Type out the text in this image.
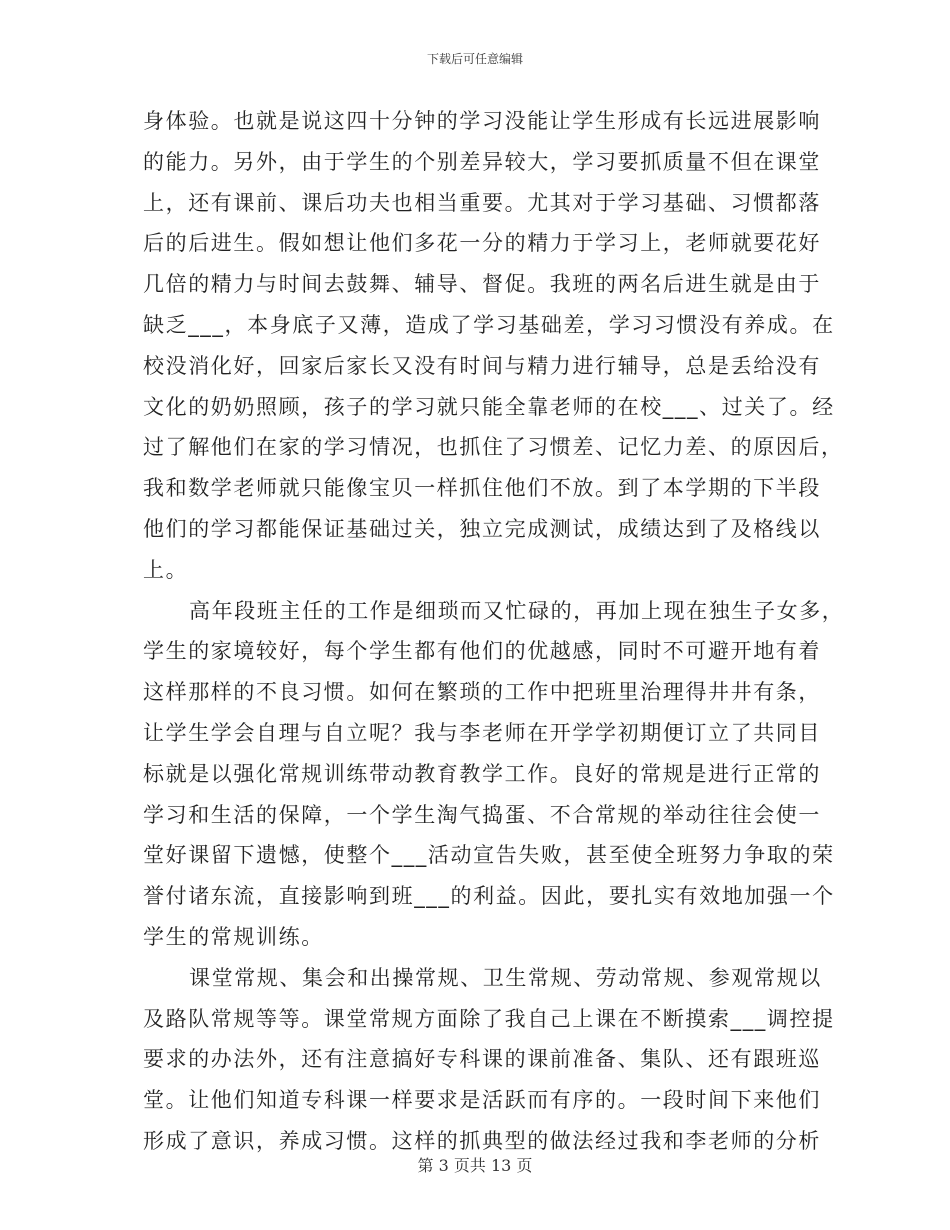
下载后可任意编辑
身体验。也就是说这四十分钟的学习没能让学生形成有长远进展影响
的能力。另外，由于学生的个别差异较大，学习要抓质量不但在课堂
上，还有课前、课后功夫也相当重要。尤其对于学习基础、习惯都落
后的后进生。假如想让他们多花一分的精力于学习上，老师就要花好
几倍的精力与时间去鼓舞、辅导、督促。我班的两名后进生就是由于
缺乏___，本身底子又薄，造成了学习基础差，学习习惯没有养成。在
校没消化好，回家后家长又没有时间与精力进行辅导，总是丢给没有
文化的奶奶照顾，孩子的学习就只能全靠老师的在校___、过关了。经
过了解他们在家的学习情况，也抓住了习惯差、记忆力差、的原因后，
我和数学老师就只能像宝贝一样抓住他们不放。到了本学期的下半段
他们的学习都能保证基础过关，独立完成测试，成绩达到了及格线以
上。
高年段班主任的工作是细琐而又忙碌的，再加上现在独生子女多，
学生的家境较好，每个学生都有他们的优越感，同时不可避开地有着
这样那样的不良习惯。如何在繁琐的工作中把班里治理得井井有条，
让学生学会自理与自立呢？我与李老师在开学学初期便订立了共同目
标就是以强化常规训练带动教育教学工作。良好的常规是进行正常的
学习和生活的保障，一个学生淘气捣蛋、不合常规的举动往往会使一
堂好课留下遗憾，使整个___活动宣告失败，甚至使全班努力争取的荣
誉付诸东流，直接影响到班___的利益。因此，要扎实有效地加强一个
学生的常规训练。
课堂常规、集会和出操常规、卫生常规、劳动常规、参观常规以
及路队常规等等。课堂常规方面除了我自己上课在不断摸索___调控提
要求的办法外，还有注意搞好专科课的课前准备、集队、还有跟班巡
堂。让他们知道专科课一样要求是活跃而有序的。一段时间下来他们
形成了意识，养成习惯。这样的抓典型的做法经过我和李老师的分析
第 3 页共 13 页
